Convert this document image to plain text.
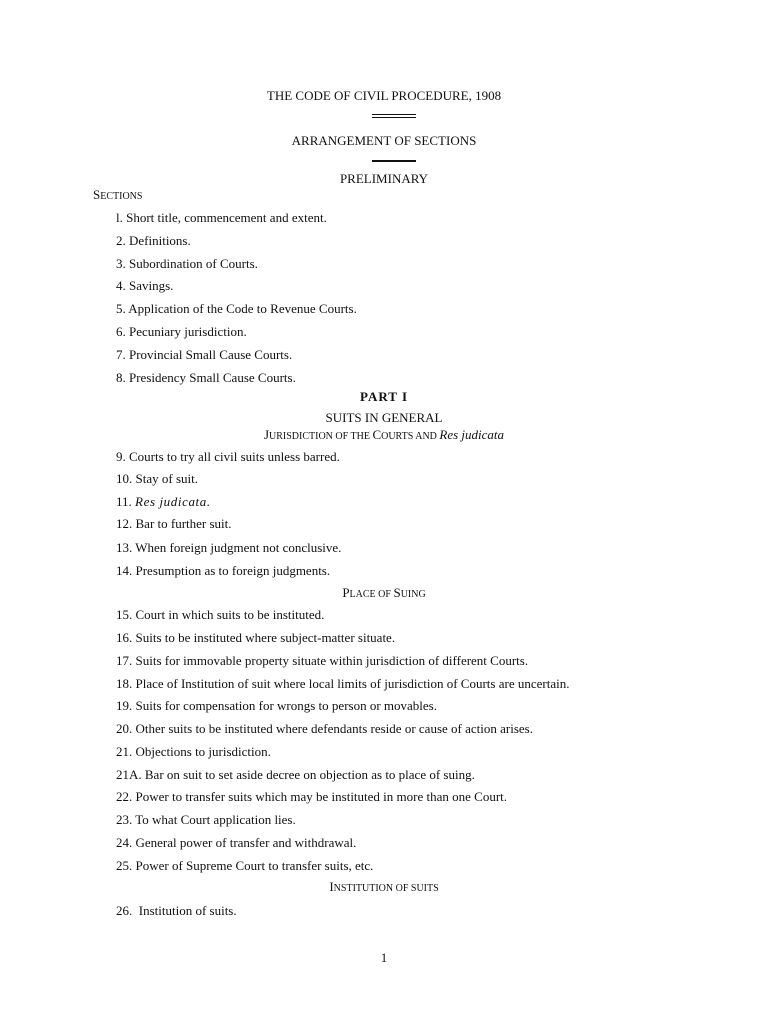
THE CODE OF CIVIL PROCEDURE, 1908
ARRANGEMENT OF SECTIONS
PRELIMINARY
SECTIONS
l. Short title, commencement and extent.
2. Definitions.
3. Subordination of Courts.
4. Savings.
5. Application of the Code to Revenue Courts.
6. Pecuniary jurisdiction.
7. Provincial Small Cause Courts.
8. Presidency Small Cause Courts.
PART I
SUITS IN GENERAL
JURISDICTION OF THE COURTS AND Res judicata
9. Courts to try all civil suits unless barred.
10. Stay of suit.
11. Res judicata.
12. Bar to further suit.
13. When foreign judgment not conclusive.
14. Presumption as to foreign judgments.
PLACE OF SUING
15. Court in which suits to be instituted.
16. Suits to be instituted where subject-matter situate.
17. Suits for immovable property situate within jurisdiction of different Courts.
18. Place of Institution of suit where local limits of jurisdiction of Courts are uncertain.
19. Suits for compensation for wrongs to person or movables.
20. Other suits to be instituted where defendants reside or cause of action arises.
21. Objections to jurisdiction.
21A. Bar on suit to set aside decree on objection as to place of suing.
22. Power to transfer suits which may be instituted in more than one Court.
23. To what Court application lies.
24. General power of transfer and withdrawal.
25. Power of Supreme Court to transfer suits, etc.
INSTITUTION OF SUITS
26.  Institution of suits.
1
